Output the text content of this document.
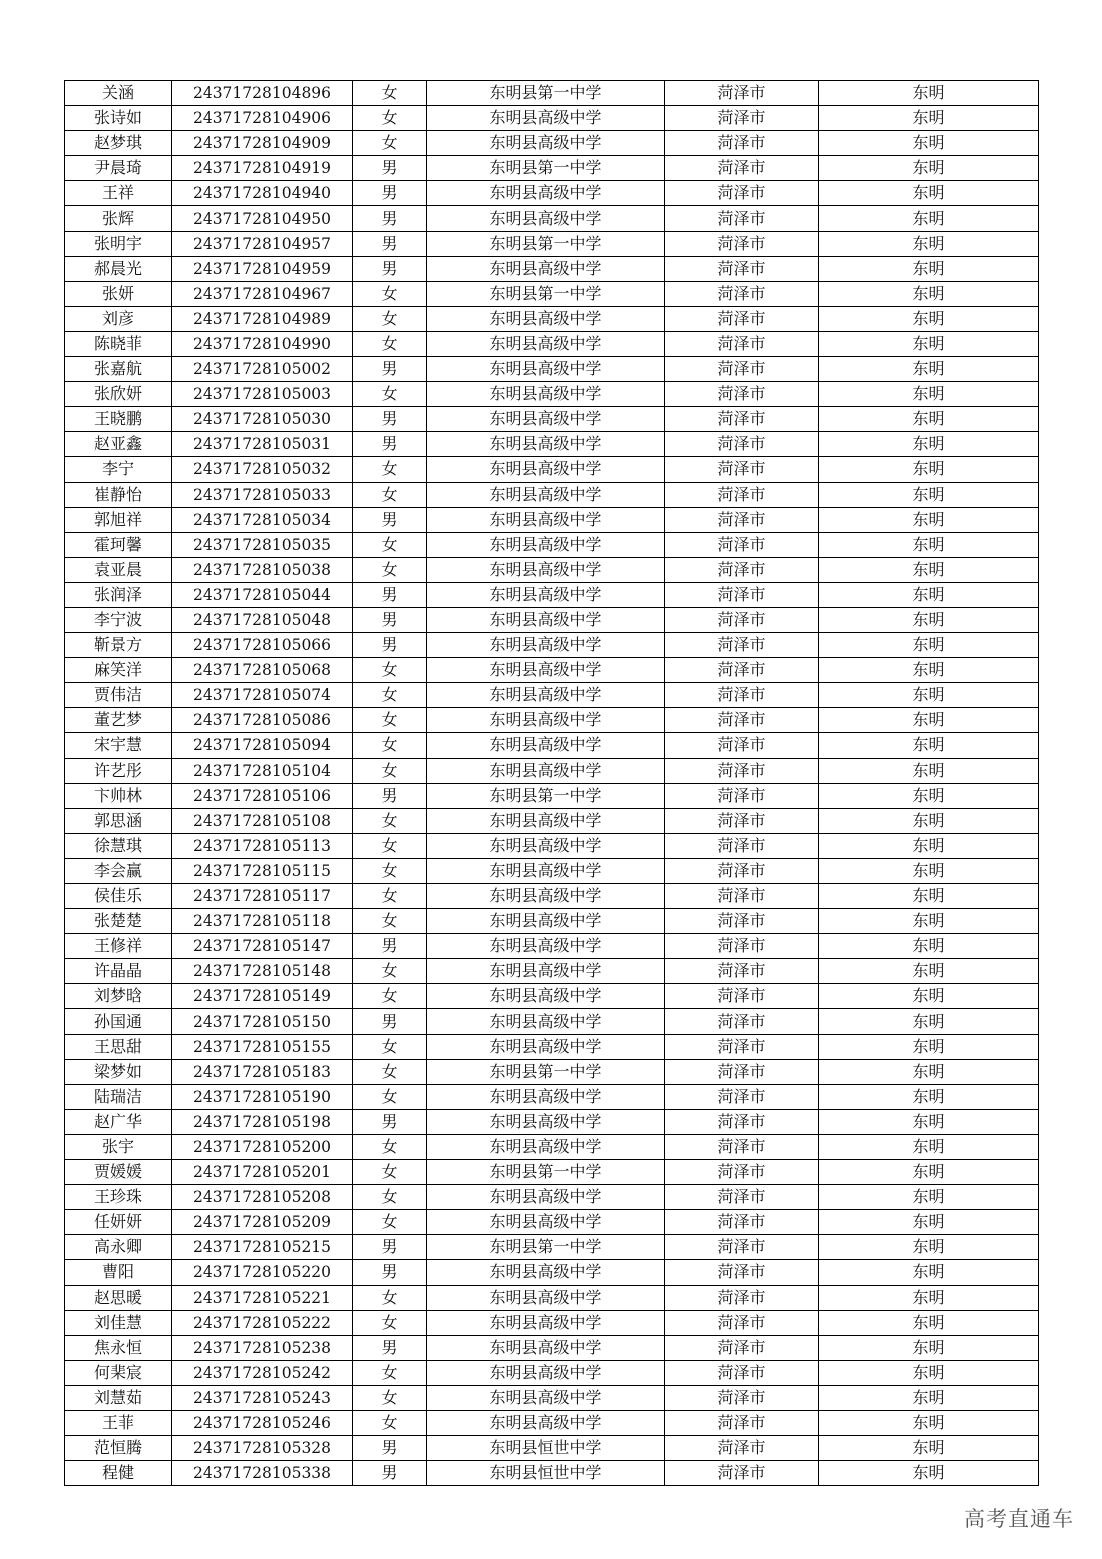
关涵	24371728104896	女	东明县第一中学	菏泽市	东明
张诗如	24371728104906	女	东明县高级中学	菏泽市	东明
赵梦琪	24371728104909	女	东明县高级中学	菏泽市	东明
尹晨琦	24371728104919	男	东明县第一中学	菏泽市	东明
王祥	24371728104940	男	东明县高级中学	菏泽市	东明
张辉	24371728104950	男	东明县高级中学	菏泽市	东明
张明宇	24371728104957	男	东明县第一中学	菏泽市	东明
郝晨光	24371728104959	男	东明县高级中学	菏泽市	东明
张妍	24371728104967	女	东明县第一中学	菏泽市	东明
刘彦	24371728104989	女	东明县高级中学	菏泽市	东明
陈晓菲	24371728104990	女	东明县高级中学	菏泽市	东明
张嘉航	24371728105002	男	东明县高级中学	菏泽市	东明
张欣妍	24371728105003	女	东明县高级中学	菏泽市	东明
王晓鹏	24371728105030	男	东明县高级中学	菏泽市	东明
赵亚鑫	24371728105031	男	东明县高级中学	菏泽市	东明
李宁	24371728105032	女	东明县高级中学	菏泽市	东明
崔静怡	24371728105033	女	东明县高级中学	菏泽市	东明
郭旭祥	24371728105034	男	东明县高级中学	菏泽市	东明
霍珂馨	24371728105035	女	东明县高级中学	菏泽市	东明
袁亚晨	24371728105038	女	东明县高级中学	菏泽市	东明
张润泽	24371728105044	男	东明县高级中学	菏泽市	东明
李宁波	24371728105048	男	东明县高级中学	菏泽市	东明
靳景方	24371728105066	男	东明县高级中学	菏泽市	东明
麻笑洋	24371728105068	女	东明县高级中学	菏泽市	东明
贾伟洁	24371728105074	女	东明县高级中学	菏泽市	东明
董艺梦	24371728105086	女	东明县高级中学	菏泽市	东明
宋宇慧	24371728105094	女	东明县高级中学	菏泽市	东明
许艺彤	24371728105104	女	东明县高级中学	菏泽市	东明
卞帅林	24371728105106	男	东明县第一中学	菏泽市	东明
郭思涵	24371728105108	女	东明县高级中学	菏泽市	东明
徐慧琪	24371728105113	女	东明县高级中学	菏泽市	东明
李会赢	24371728105115	女	东明县高级中学	菏泽市	东明
侯佳乐	24371728105117	女	东明县高级中学	菏泽市	东明
张楚楚	24371728105118	女	东明县高级中学	菏泽市	东明
王修祥	24371728105147	男	东明县高级中学	菏泽市	东明
许晶晶	24371728105148	女	东明县高级中学	菏泽市	东明
刘梦晗	24371728105149	女	东明县高级中学	菏泽市	东明
孙国通	24371728105150	男	东明县高级中学	菏泽市	东明
王思甜	24371728105155	女	东明县高级中学	菏泽市	东明
梁梦如	24371728105183	女	东明县第一中学	菏泽市	东明
陆瑞洁	24371728105190	女	东明县高级中学	菏泽市	东明
赵广华	24371728105198	男	东明县高级中学	菏泽市	东明
张宇	24371728105200	女	东明县高级中学	菏泽市	东明
贾媛媛	24371728105201	女	东明县第一中学	菏泽市	东明
王珍珠	24371728105208	女	东明县高级中学	菏泽市	东明
任妍妍	24371728105209	女	东明县高级中学	菏泽市	东明
高永卿	24371728105215	男	东明县第一中学	菏泽市	东明
曹阳	24371728105220	男	东明县高级中学	菏泽市	东明
赵思暖	24371728105221	女	东明县高级中学	菏泽市	东明
刘佳慧	24371728105222	女	东明县高级中学	菏泽市	东明
焦永恒	24371728105238	男	东明县高级中学	菏泽市	东明
何棐宸	24371728105242	女	东明县高级中学	菏泽市	东明
刘慧茹	24371728105243	女	东明县高级中学	菏泽市	东明
王菲	24371728105246	女	东明县高级中学	菏泽市	东明
范恒腾	24371728105328	男	东明县恒世中学	菏泽市	东明
程健	24371728105338	男	东明县恒世中学	菏泽市	东明
高考直通车
